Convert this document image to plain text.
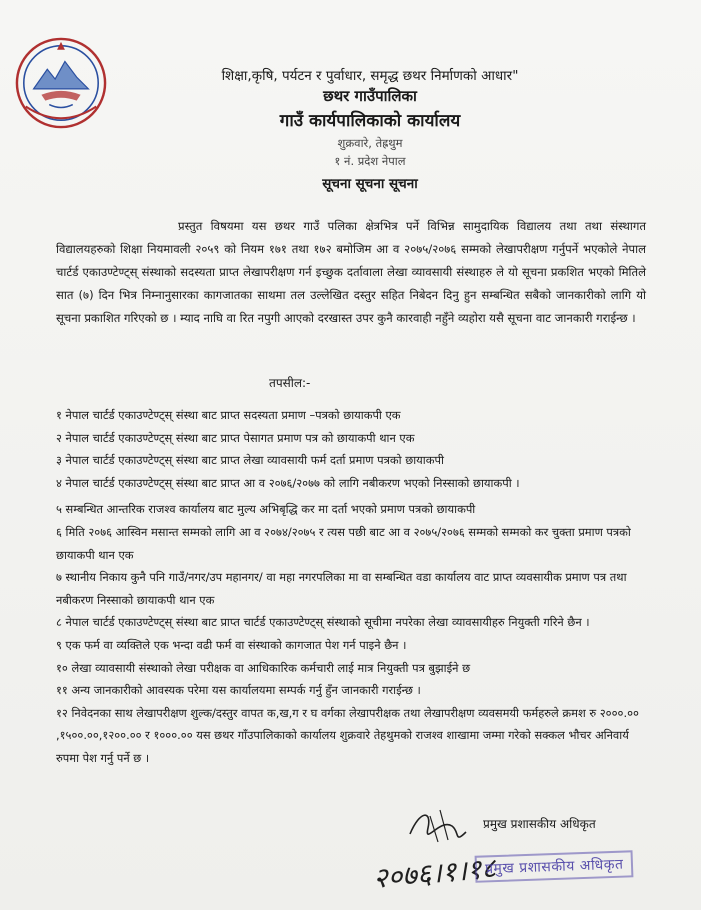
शिक्षा,कृषि, पर्यटन र पुर्वाधार, समृद्ध छथर निर्माणको आधार"
छथर गाउँपालिका
गाउँ कार्यपालिकाको कार्यालय
शुक्रवारे, तेह्रथुम
१ नं. प्रदेश नेपाल
सूचना सूचना सूचना

प्रस्तुत विषयमा यस छथर गाउँ पलिका क्षेत्रभित्र पर्ने विभिन्न सामुदायिक विद्यालय तथा तथा संस्थागत विद्यालयहरुको शिक्षा नियमावली २०५९ को नियम १७१ तथा १७२ बमोजिम आ व २०७५/२०७६ सम्मको लेखापरीक्षण गर्नुपर्ने भएकोले नेपाल चार्टर्ड एकाउण्टेण्ट्स् संस्थाको सदस्यता प्राप्त लेखापरीक्षण गर्न इच्छुक दर्तावाला लेखा व्यावसायी संस्थाहरु ले यो सूचना प्रकशित भएको मितिले सात (७) दिन भित्र निम्नानुसारका कागजातका साथमा तल उल्लेखित दस्तुर सहित निबेदन दिनु हुन सम्बन्धित सबैको जानकारीको लागि यो सूचना प्रकाशित गरिएको छ । म्याद नाघि वा रित नपुगी आएको दरखास्त उपर कुनै कारवाही नहुँने व्यहोरा यसै सूचना वाट जानकारी गराईन्छ ।

तपसील:-

१ नेपाल चार्टर्ड एकाउण्टेण्ट्स् संस्था बाट प्राप्त सदस्यता प्रमाण –पत्रको छायाकपी एक

२ नेपाल चार्टर्ड एकाउण्टेण्ट्स् संस्था बाट प्राप्त पेसागत प्रमाण पत्र को छायाकपी थान एक

३ नेपाल चार्टर्ड एकाउण्टेण्ट्स् संस्था बाट प्राप्त लेखा व्यावसायी फर्म दर्ता प्रमाण पत्रको छायाकपी

४ नेपाल चार्टर्ड एकाउण्टेण्ट्स् संस्था बाट प्राप्त आ व २०७६/२०७७ को लागि नबीकरण भएको निस्साको छायाकपी ।

५ सम्बन्धित आन्तरिक राजश्व कार्यालय बाट मुल्य अभिबृद्धि कर मा दर्ता भएको प्रमाण पत्रको छायाकपी

६ मिति २०७६ आस्विन मसान्त सम्मको लागि आ व २०७४/२०७५ र त्यस पछी बाट आ व २०७५/२०७६ सम्मको सम्मको कर चुक्ता प्रमाण पत्रको छायाकपी थान एक

७ स्थानीय निकाय कुनै पनि गाउँ/नगर/उप महानगर/ वा महा नगरपलिका मा वा सम्बन्धित वडा कार्यालय वाट प्राप्त व्यवसायीक प्रमाण पत्र तथा नबीकरण निस्साको छायाकपी थान एक

८ नेपाल चार्टर्ड एकाउण्टेण्ट्स् संस्था बाट प्राप्त चार्टर्ड एकाउण्टेण्ट्स् संस्थाको सूचीमा नपरेका लेखा व्यावसायीहरु नियुक्ती गरिने छैन ।

९ एक फर्म वा व्यक्तिले एक भन्दा वढी फर्म वा संस्थाको कागजात पेश गर्न पाइने छैन ।

१० लेखा व्यावसायी संस्थाको लेखा परीक्षक वा आधिकारिक कर्मचारी लाई मात्र नियुक्ती पत्र बुझाईने छ

११ अन्य जानकारीको आवस्यक परेमा यस कार्यालयमा सम्पर्क गर्नु हुँन जानकारी गराईन्छ ।

१२ निवेदनका साथ लेखापरीक्षण शुल्क/दस्तुर वापत क,ख,ग र घ वर्गका लेखापरीक्षक तथा लेखापरीक्षण व्यवसमयी फर्महरुले क्रमश रु २०००.०० ,१५००.००,१२००.०० र १०००.०० यस छथर गाँउपालिकाको कार्यालय शुक्रवारे तेहथुमको राजश्व शाखामा जम्मा गरेको सक्कल भौचर अनिवार्य रुपमा पेश गर्नु पर्ने छ ।

२०७६।१।१८
प्रमुख प्रशासकीय अधिकृत
प्रमुख प्रशासकीय अधिकृत
